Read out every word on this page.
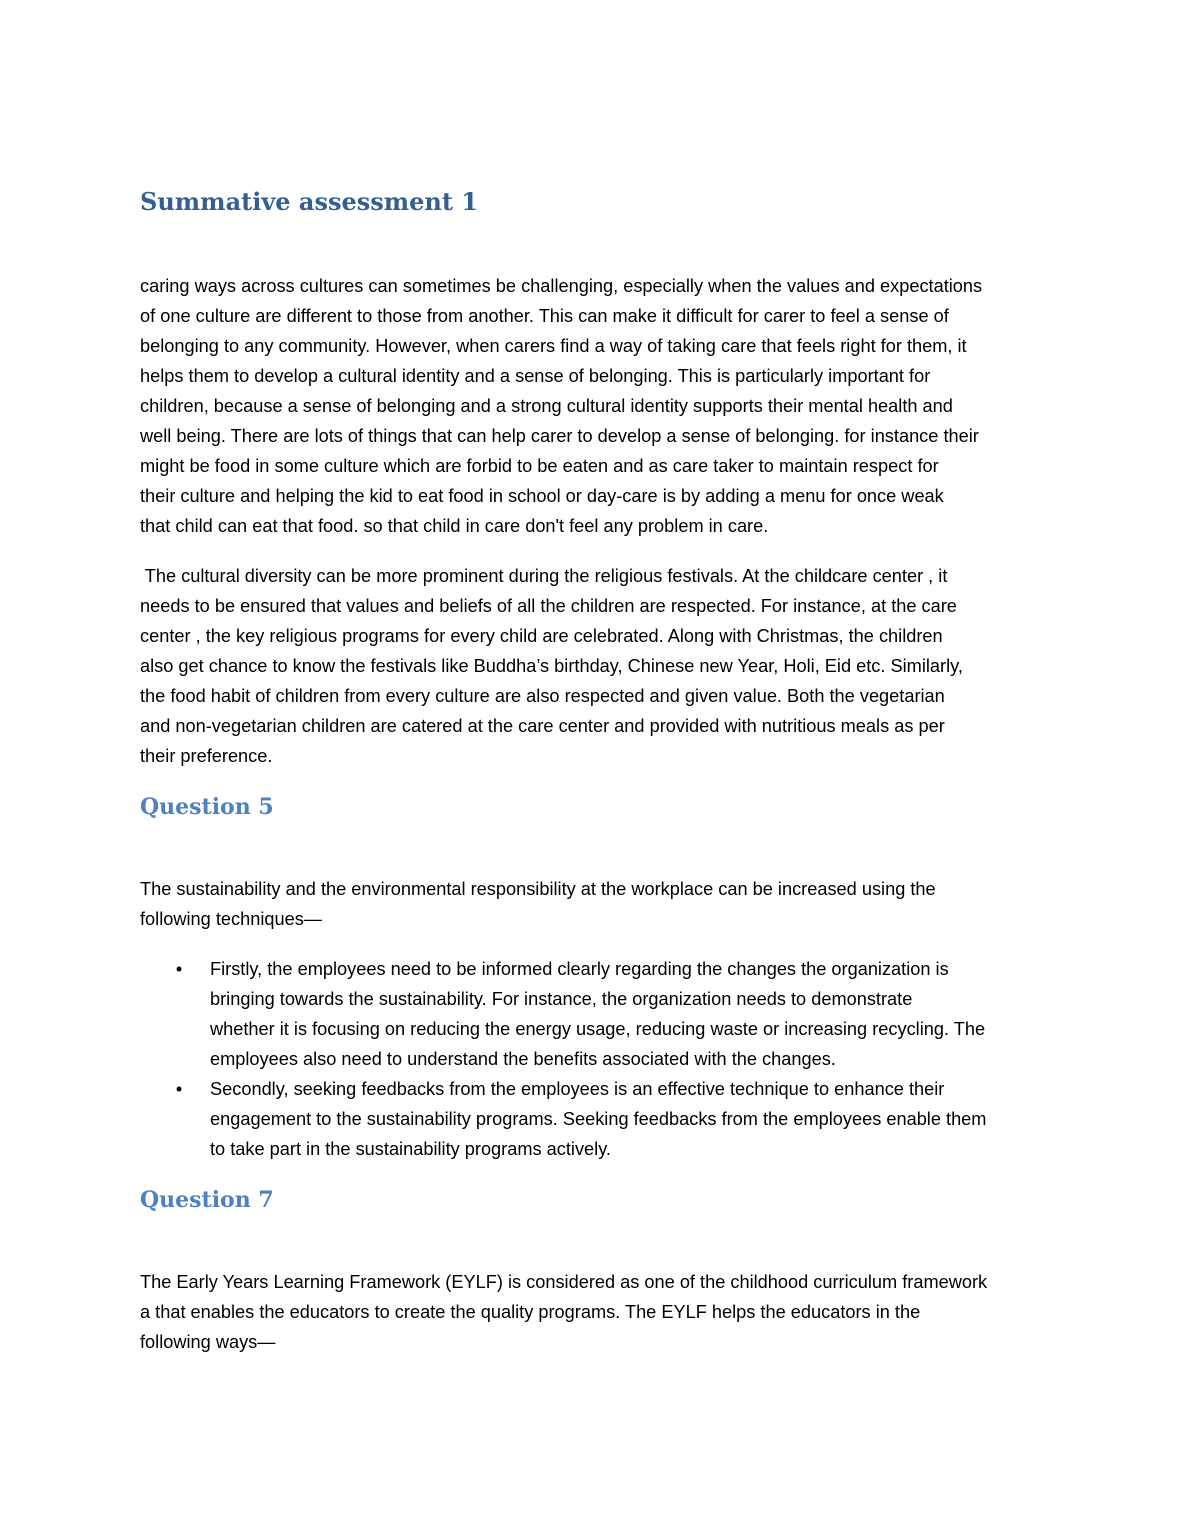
Summative assessment 1

caring ways across cultures can sometimes be challenging, especially when the values and expectations
of one culture are different to those from another. This can make it difficult for carer to feel a sense of
belonging to any community. However, when carers find a way of taking care that feels right for them, it
helps them to develop a cultural identity and a sense of belonging. This is particularly important for
children, because a sense of belonging and a strong cultural identity supports their mental health and
well being. There are lots of things that can help carer to develop a sense of belonging. for instance their
might be food in some culture which are forbid to be eaten and as care taker to maintain respect for
their culture and helping the kid to eat food in school or day-care is by adding a menu for once weak
that child can eat that food. so that child in care don't feel any problem in care.

The cultural diversity can be more prominent during the religious festivals. At the childcare center , it
needs to be ensured that values and beliefs of all the children are respected. For instance, at the care
center , the key religious programs for every child are celebrated. Along with Christmas, the children
also get chance to know the festivals like Buddha’s birthday, Chinese new Year, Holi, Eid etc. Similarly,
the food habit of children from every culture are also respected and given value. Both the vegetarian
and non-vegetarian children are catered at the care center and provided with nutritious meals as per
their preference.

Question 5

The sustainability and the environmental responsibility at the workplace can be increased using the
following techniques—

• Firstly, the employees need to be informed clearly regarding the changes the organization is
bringing towards the sustainability. For instance, the organization needs to demonstrate
whether it is focusing on reducing the energy usage, reducing waste or increasing recycling. The
employees also need to understand the benefits associated with the changes.
• Secondly, seeking feedbacks from the employees is an effective technique to enhance their
engagement to the sustainability programs. Seeking feedbacks from the employees enable them
to take part in the sustainability programs actively.
Question 7

The Early Years Learning Framework (EYLF) is considered as one of the childhood curriculum framework
a that enables the educators to create the quality programs. The EYLF helps the educators in the
following ways—
